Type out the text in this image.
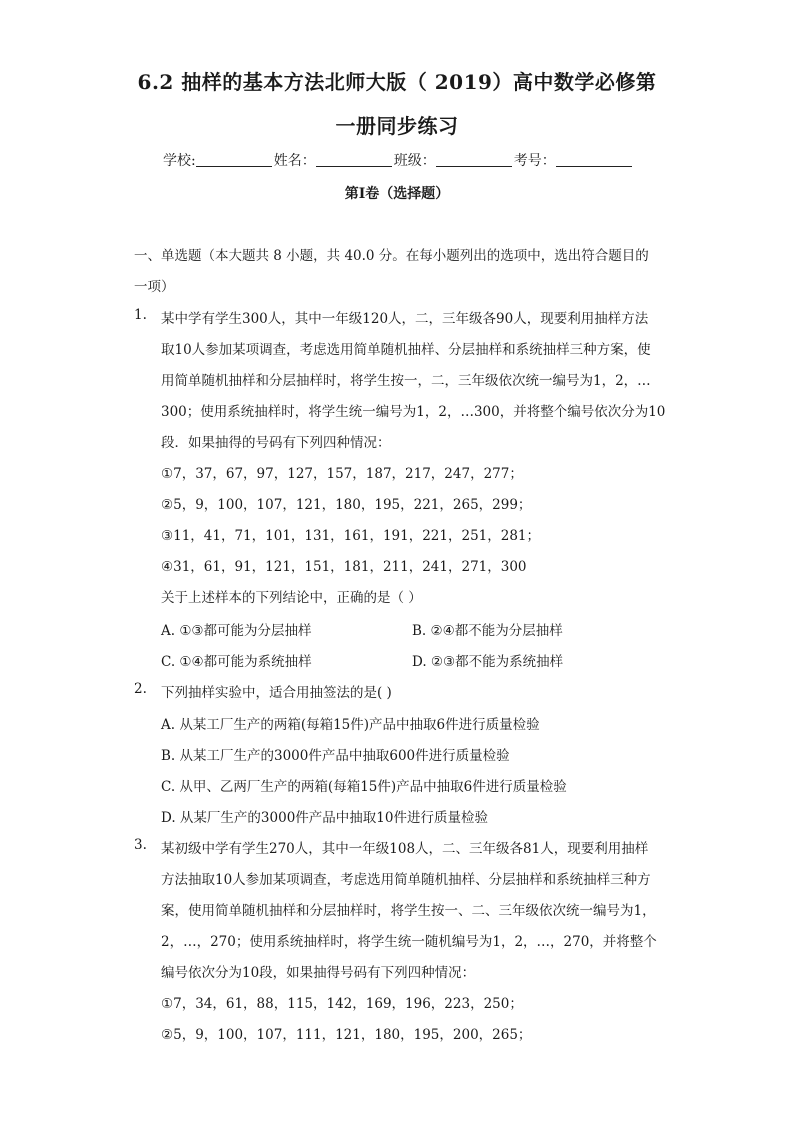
6.2 抽样的基本方法北师大版（ 2019）高中数学必修第
一册同步练习
学校:	姓名：	班级：	考号：
第I卷（选择题）
一、单选题（本大题共 8 小题，共 40.0 分。在每小题列出的选项中，选出符合题目的
一项）
1. 某中学有学生300人，其中一年级120人，二，三年级各90人，现要利用抽样方法
取10人参加某项调查，考虑选用简单随机抽样、分层抽样和系统抽样三种方案，使
用简单随机抽样和分层抽样时，将学生按一，二，三年级依次统一编号为1，2，…
300；使用系统抽样时，将学生统一编号为1，2，…300，并将整个编号依次分为10
段．如果抽得的号码有下列四种情况：
①7，37，67，97，127，157，187，217，247，277；
②5，9，100，107，121，180，195，221，265，299；
③11，41，71，101，131，161，191，221，251，281；
④31，61，91，121，151，181，211，241，271，300
关于上述样本的下列结论中，正确的是（ ）
A. ①③都可能为分层抽样	B. ②④都不能为分层抽样
C. ①④都可能为系统抽样	D. ②③都不能为系统抽样
2. 下列抽样实验中，适合用抽签法的是( )
A. 从某工厂生产的两箱(每箱15件)产品中抽取6件进行质量检验
B. 从某工厂生产的3000件产品中抽取600件进行质量检验
C. 从甲、乙两厂生产的两箱(每箱15件)产品中抽取6件进行质量检验
D. 从某厂生产的3000件产品中抽取10件进行质量检验
3. 某初级中学有学生270人，其中一年级108人，二、三年级各81人，现要利用抽样
方法抽取10人参加某项调查，考虑选用简单随机抽样、分层抽样和系统抽样三种方
案，使用简单随机抽样和分层抽样时，将学生按一、二、三年级依次统一编号为1，
2，…，270；使用系统抽样时，将学生统一随机编号为1，2，…，270，并将整个
编号依次分为10段，如果抽得号码有下列四种情况：
①7，34，61，88，115，142，169，196，223，250；
②5，9，100，107，111，121，180，195，200，265；
